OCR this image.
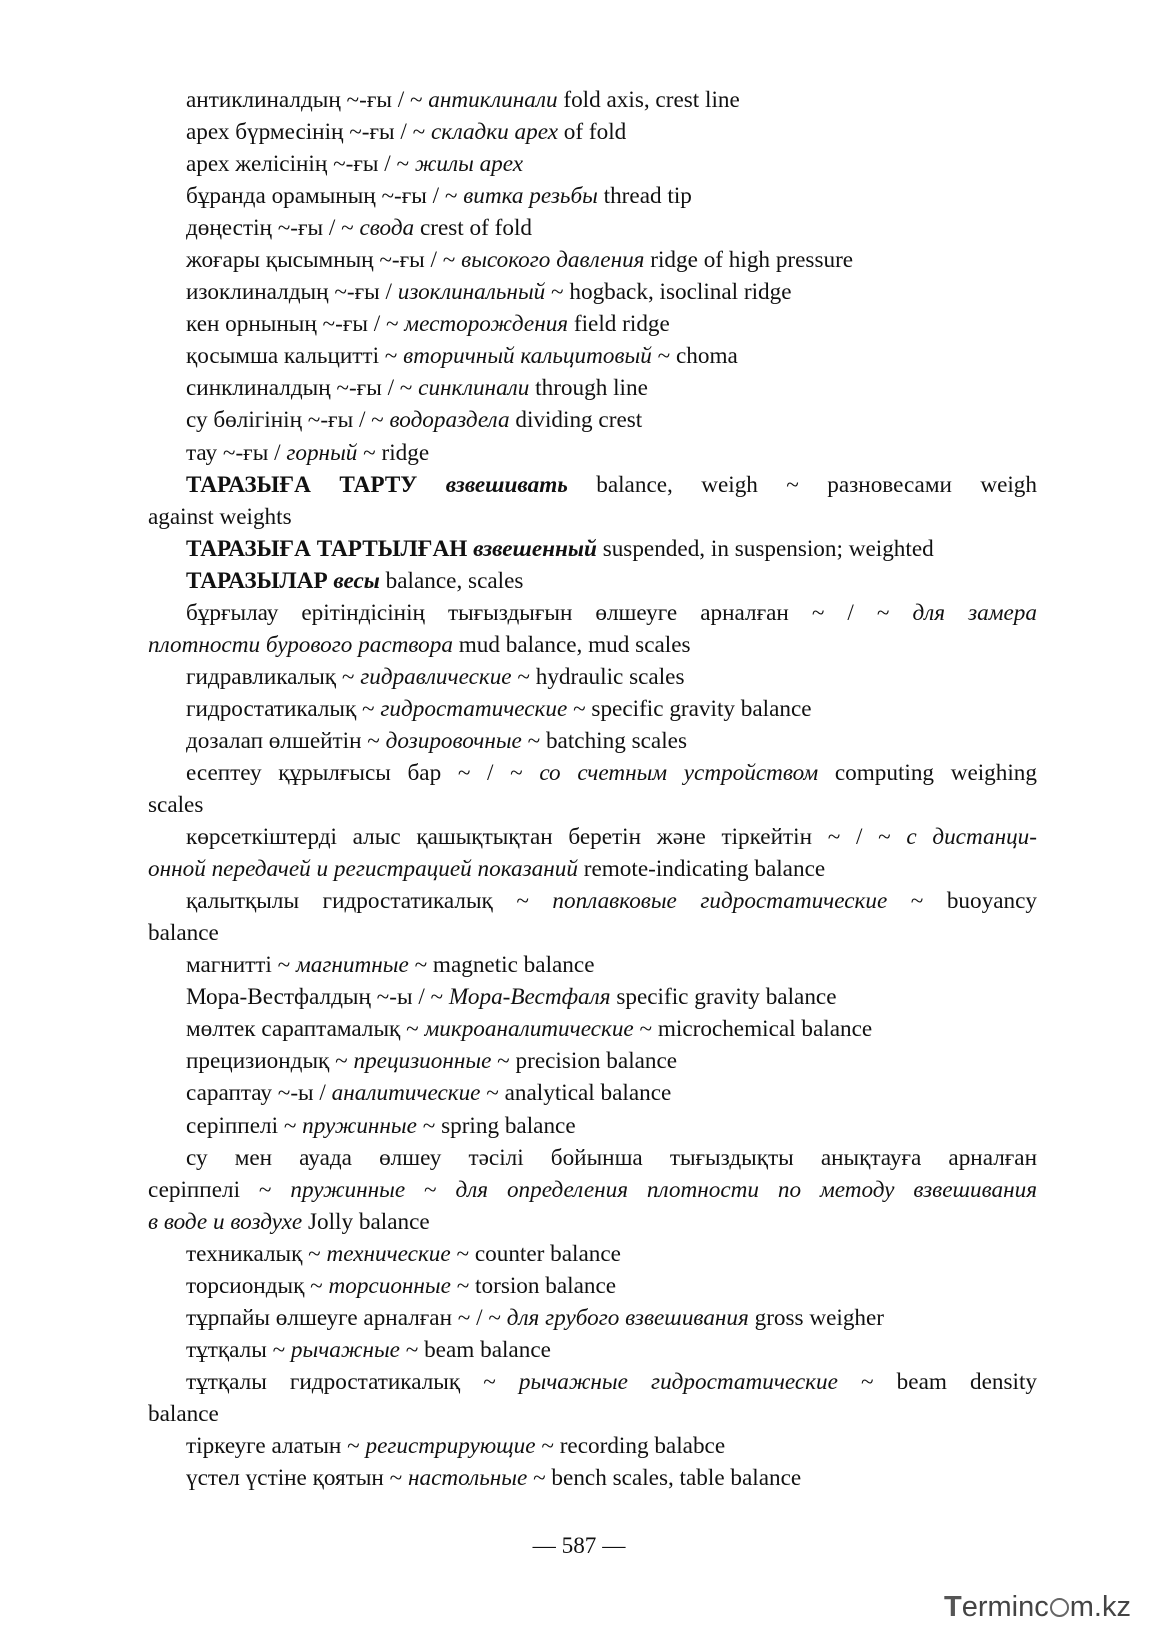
антиклиналдың ~-ғы / ~ антиклинали fold axis, crest line
арех бүрмесінің ~-ғы / ~ складки арех of fold
арех желісінің ~-ғы / ~ жилы арех
бұранда орамының ~-ғы / ~ витка резьбы thread tip
дөңестің ~-ғы / ~ свода crest of fold
жоғары қысымның ~-ғы / ~ высокого давления ridge of high pressure
изоклиналдың ~-ғы / изоклинальный ~ hogback, isoclinal ridge
кен орнының ~-ғы / ~ месторождения field ridge
қосымша кальцитті ~ вторичный кальцитовый ~ choma
синклиналдың ~-ғы / ~ синклинали through line
су бөлігінің ~-ғы / ~ водораздела dividing crest
тау ~-ғы / горный ~ ridge
ТАРАЗЫҒА ТАРТУ взвешивать balance, weigh ~ разновесами weigh
against weights
ТАРАЗЫҒА ТАРТЫЛҒАН взвешенный suspended, in suspension; weighted
ТАРАЗЫЛАР весы balance, scales
бұрғылау ерітіндісінің тығыздығын өлшеуге арналған ~ / ~ для замера
плотности бурового раствора mud balance, mud scales
гидравликалық ~ гидравлические ~ hydraulic scales
гидростатикалық ~ гидростатические ~ specific gravity balance
дозалап өлшейтін ~ дозировочные ~ batching scales
есептеу құрылғысы бар ~ / ~ со счетным устройством computing weighing
scales
көрсеткіштерді алыс қашықтықтан беретін және тіркейтін ~ / ~ с дистанци-
онной передачей и регистрацией показаний remote-indicating balance
қалытқылы гидростатикалық ~ поплавковые гидростатические ~ buoyancy
balance
магнитті ~ магнитные ~ magnetic balance
Мора-Вестфалдың ~-ы / ~ Мора-Вестфаля specific gravity balance
мөлтек сараптамалық ~ микроаналитические ~ microchemical balance
прецизиондық ~ прецизионные ~ precision balance
сараптау ~-ы / аналитические ~ analytical balance
серіппелі ~ пружинные ~ spring balance
су мен ауада өлшеу тәсілі бойынша тығыздықты анықтауға арналған
серіппелі ~ пружинные ~ для определения плотности по методу взвешивания
в воде и воздухе Jolly balance
техникалық ~ технические ~ counter balance
торсиондық ~ торсионные ~ torsion balance
тұрпайы өлшеуге арналған ~ / ~ для грубого взвешивания gross weigher
тұтқалы ~ рычажные ~ beam balance
тұтқалы гидростатикалық ~ рычажные гидростатические ~ beam density
balance
тіркеуге алатын ~ регистрирующие ~ recording balabce
үстел үстіне қоятын ~ настольные ~ bench scales, table balance
— 587 —
Terminc m.kz
